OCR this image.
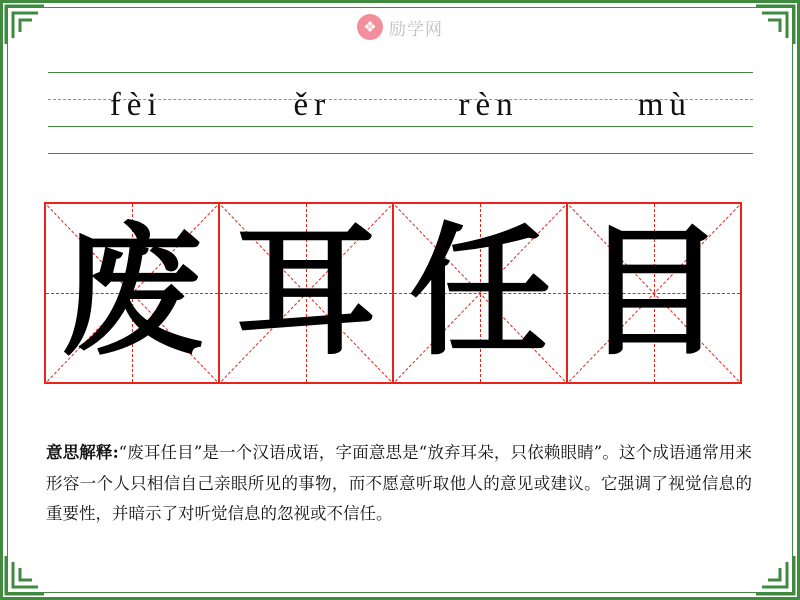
❖ 励学网
fèi	ěr	rèn	mù
废 耳 任 目
意思解释:“废耳任目”是一个汉语成语，字面意思是“放弃耳朵，只依赖眼睛”。这个成语通常用来形容一个人只相信自己亲眼所见的事物，而不愿意听取他人的意见或建议。它强调了视觉信息的重要性，并暗示了对听觉信息的忽视或不信任。
